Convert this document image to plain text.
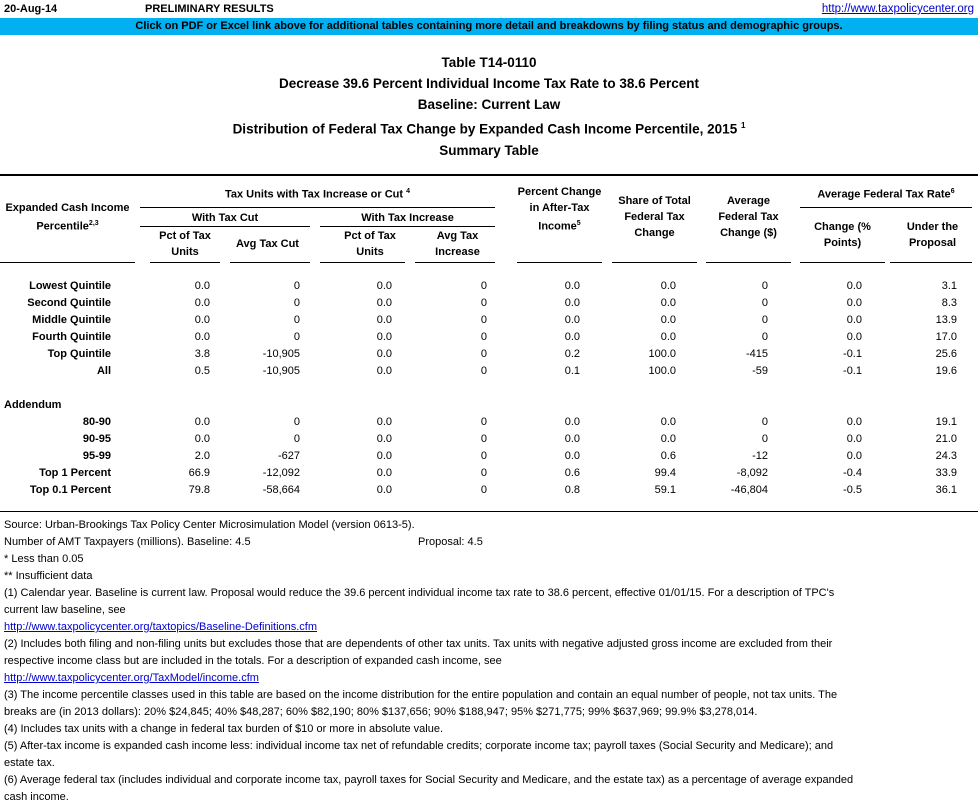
20-Aug-14	PRELIMINARY RESULTS	http://www.taxpolicycenter.org
Click on PDF or Excel link above for additional tables containing more detail and breakdowns by filing status and demographic groups.
Table T14-0110
Decrease 39.6 Percent Individual Income Tax Rate to 38.6 Percent
Baseline: Current Law
Distribution of Federal Tax Change by Expanded Cash Income Percentile, 2015 $^1$
Summary Table
Expanded Cash Income Percentile$^{2,3}$
Tax Units with Tax Increase or Cut $^4$
With Tax Cut	With Tax Increase
Pct of Tax Units
Avg Tax Cut
Pct of Tax Units
Avg Tax Increase
Percent Change in After-Tax Income$^5$
Share of Total Federal Tax Change
Average Federal Tax Change ($)
Average Federal Tax Rate$^6$
Change (% Points)
Under the Proposal
Lowest Quintile	0.0	0	0.0	0	0.0	0.0	0	0.0	3.1
Second Quintile	0.0	0	0.0	0	0.0	0.0	0	0.0	8.3
Middle Quintile	0.0	0	0.0	0	0.0	0.0	0	0.0	13.9
Fourth Quintile	0.0	0	0.0	0	0.0	0.0	0	0.0	17.0
Top Quintile	3.8	-10,905	0.0	0	0.2	100.0	-415	-0.1	25.6
All	0.5	-10,905	0.0	0	0.1	100.0	-59	-0.1	19.6
Addendum
80-90	0.0	0	0.0	0	0.0	0.0	0	0.0	19.1
90-95	0.0	0	0.0	0	0.0	0.0	0	0.0	21.0
95-99	2.0	-627	0.0	0	0.0	0.6	-12	0.0	24.3
Top 1 Percent	66.9	-12,092	0.0	0	0.6	99.4	-8,092	-0.4	33.9
Top 0.1 Percent	79.8	-58,664	0.0	0	0.8	59.1	-46,804	-0.5	36.1
Source: Urban-Brookings Tax Policy Center Microsimulation Model (version 0613-5).
Number of AMT Taxpayers (millions). Baseline: 4.5	Proposal: 4.5
* Less than 0.05
** Insufficient data
(1) Calendar year. Baseline is current law. Proposal would reduce the 39.6 percent individual income tax rate to 38.6 percent, effective 01/01/15. For a description of TPC's
current law baseline, see
http://www.taxpolicycenter.org/taxtopics/Baseline-Definitions.cfm
(2) Includes both filing and non-filing units but excludes those that are dependents of other tax units. Tax units with negative adjusted gross income are excluded from their
respective income class but are included in the totals. For a description of expanded cash income, see
http://www.taxpolicycenter.org/TaxModel/income.cfm
(3) The income percentile classes used in this table are based on the income distribution for the entire population and contain an equal number of people, not tax units. The
breaks are (in 2013 dollars): 20% $24,845; 40% $48,287; 60% $82,190; 80% $137,656; 90% $188,947; 95% $271,775; 99% $637,969; 99.9% $3,278,014.
(4) Includes tax units with a change in federal tax burden of $10 or more in absolute value.
(5) After-tax income is expanded cash income less: individual income tax net of refundable credits; corporate income tax; payroll taxes (Social Security and Medicare); and
estate tax.
(6) Average federal tax (includes individual and corporate income tax, payroll taxes for Social Security and Medicare, and the estate tax) as a percentage of average expanded
cash income.
